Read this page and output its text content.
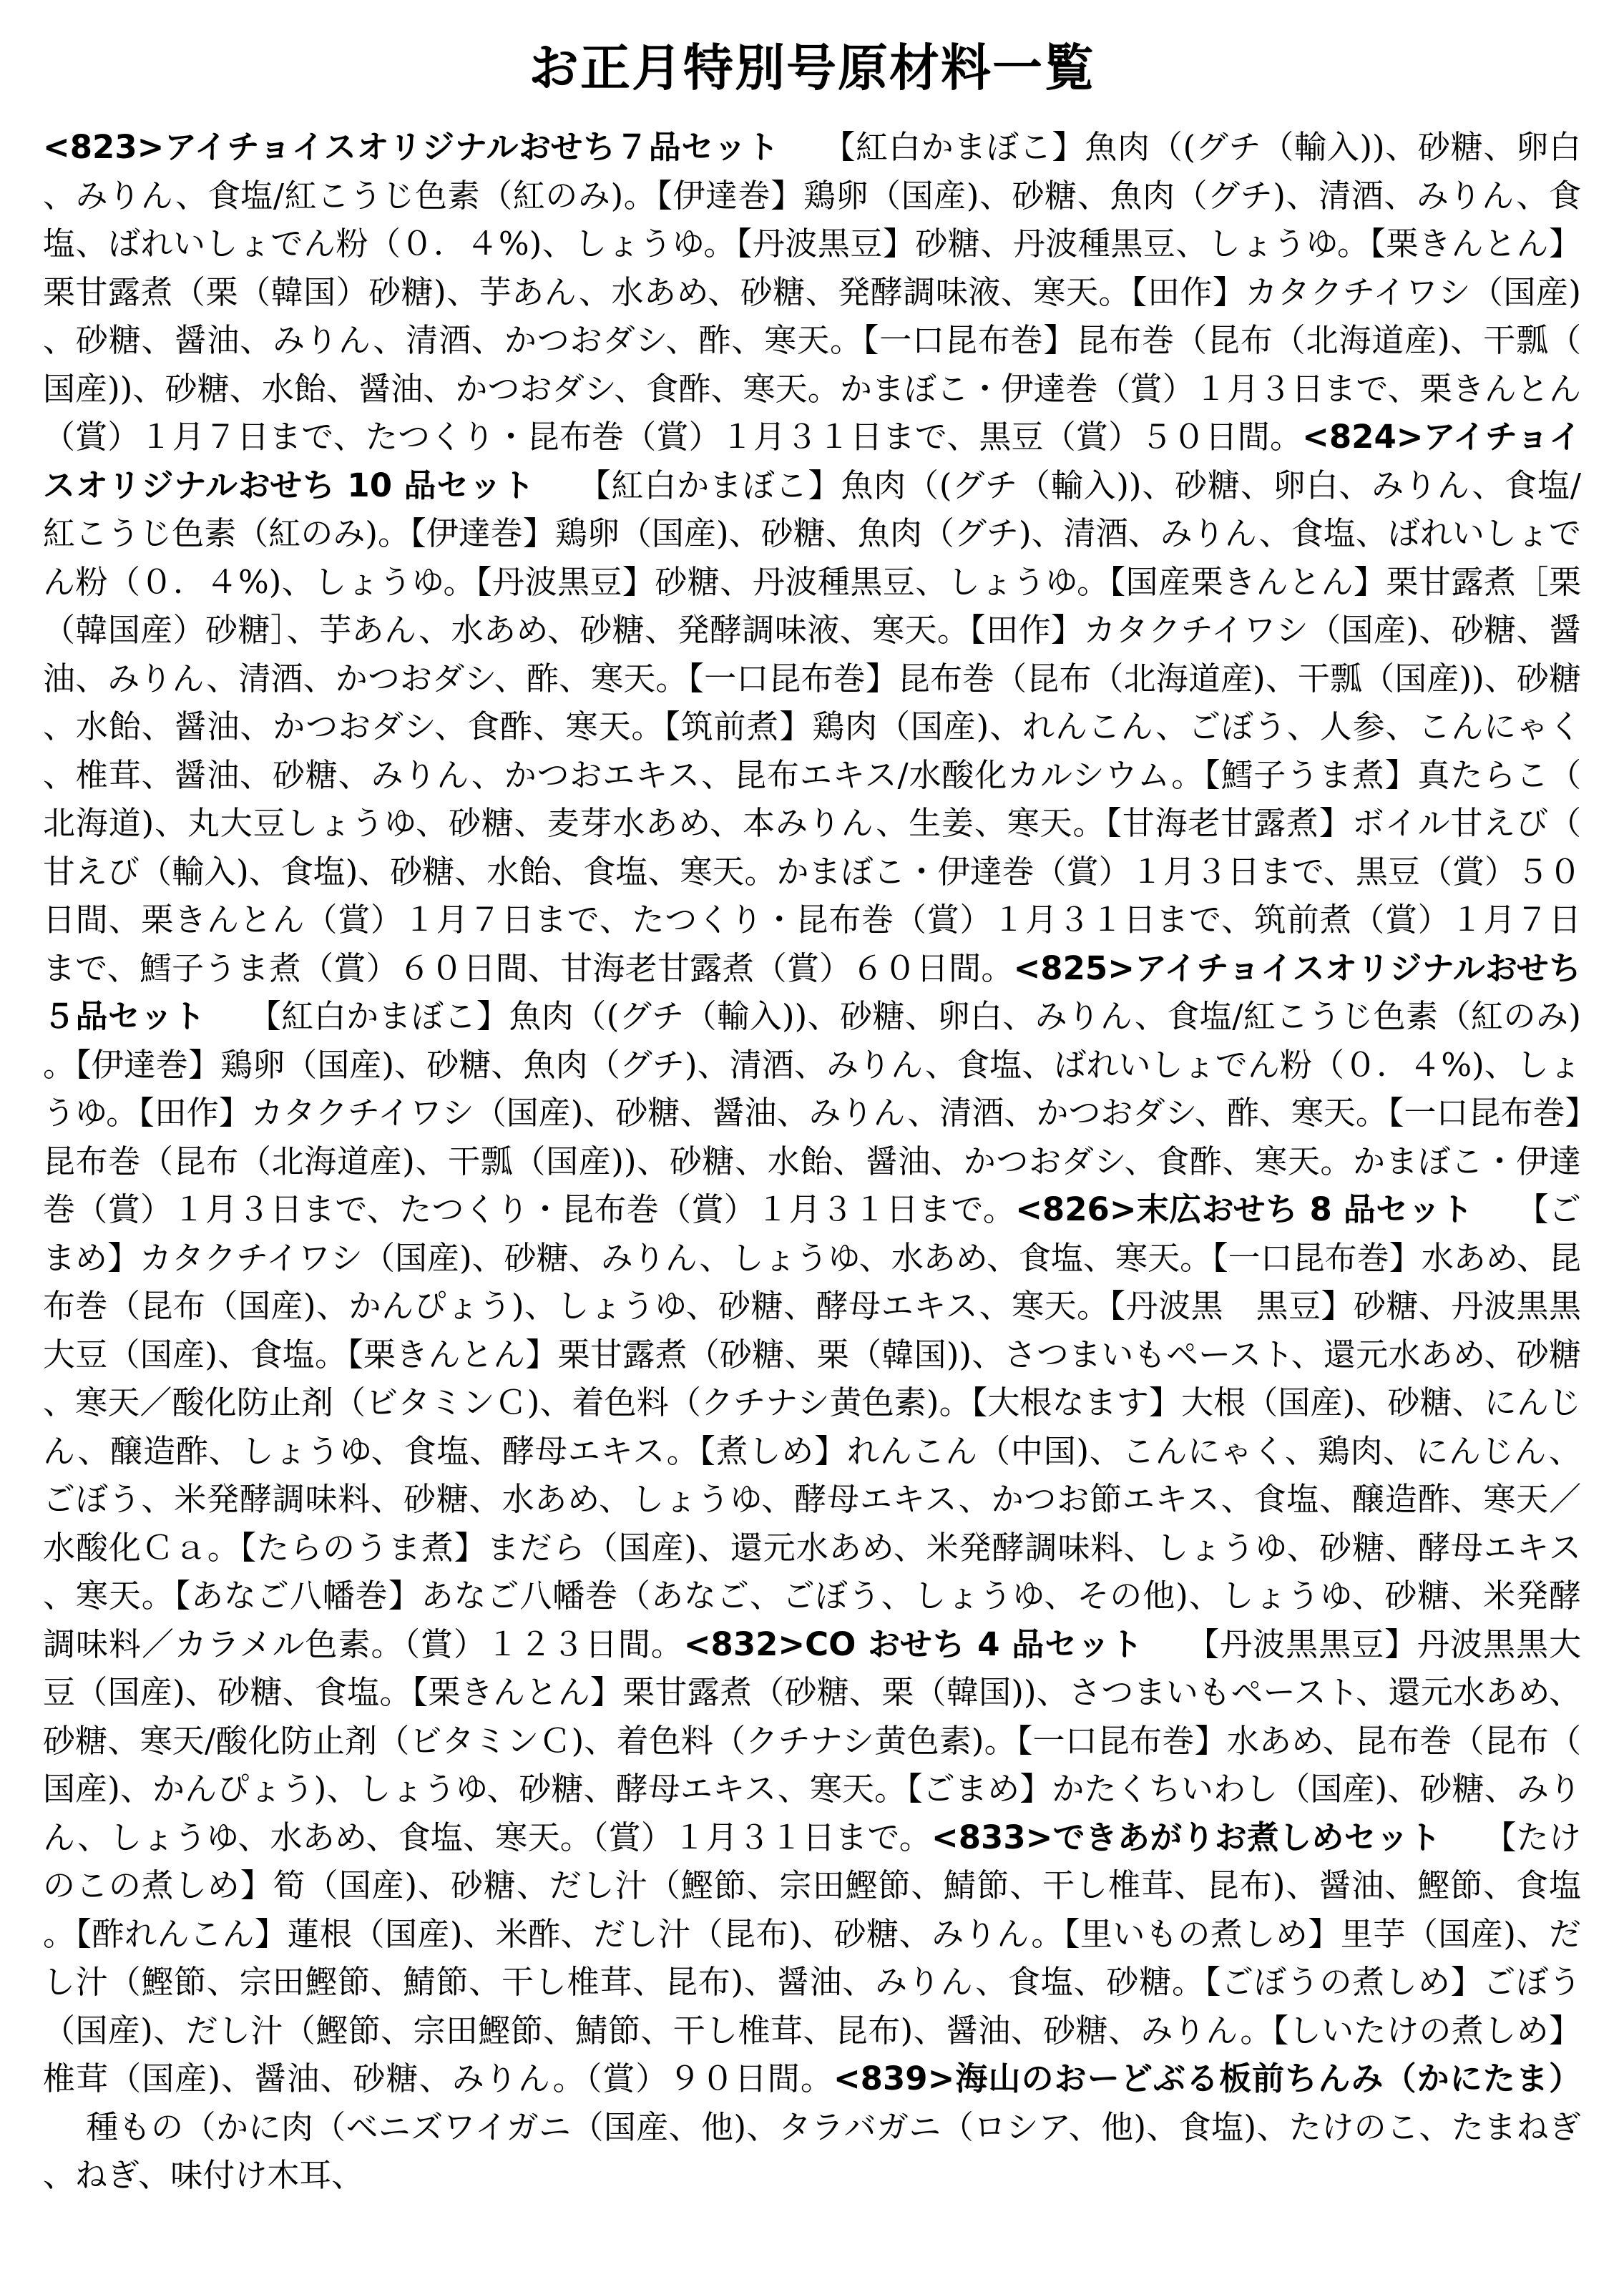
お正月特別号原材料一覧

<823>アイチョイスオリジナルおせち７品セット 【紅白かまぼこ】魚肉（(グチ（輸入))、砂糖、卵白、みりん、食塩/紅こうじ色素（紅のみ)。【伊達巻】鶏卵（国産)、砂糖、魚肉（グチ)、清酒、みりん、食塩、ばれいしょでん粉（０．４%)、しょうゆ。【丹波黒豆】砂糖、丹波種黒豆、しょうゆ。【栗きんとん】栗甘露煮（栗（韓国）砂糖)、芋あん、水あめ、砂糖、発酵調味液、寒天。【田作】カタクチイワシ（国産)、砂糖、醤油、みりん、清酒、かつおダシ、酢、寒天。【一口昆布巻】昆布巻（昆布（北海道産)、干瓢（国産))、砂糖、水飴、醤油、かつおダシ、食酢、寒天。かまぼこ・伊達巻（賞）１月３日まで、栗きんとん（賞）１月７日まで、たつくり・昆布巻（賞）１月３１日まで、黒豆（賞）５０日間。<824>アイチョイスオリジナルおせち 10 品セット 【紅白かまぼこ】魚肉（(グチ（輸入))、砂糖、卵白、みりん、食塩/紅こうじ色素（紅のみ)。【伊達巻】鶏卵（国産)、砂糖、魚肉（グチ)、清酒、みりん、食塩、ばれいしょでん粉（０．４%)、しょうゆ。【丹波黒豆】砂糖、丹波種黒豆、しょうゆ。【国産栗きんとん】栗甘露煮［栗（韓国産）砂糖］、芋あん、水あめ、砂糖、発酵調味液、寒天。【田作】カタクチイワシ（国産)、砂糖、醤油、みりん、清酒、かつおダシ、酢、寒天。【一口昆布巻】昆布巻（昆布（北海道産)、干瓢（国産))、砂糖、水飴、醤油、かつおダシ、食酢、寒天。【筑前煮】鶏肉（国産)、れんこん、ごぼう、人参、こんにゃく、椎茸、醤油、砂糖、みりん、かつおエキス、昆布エキス/水酸化カルシウム。【鱈子うま煮】真たらこ（北海道)、丸大豆しょうゆ、砂糖、麦芽水あめ、本みりん、生姜、寒天。【甘海老甘露煮】ボイル甘えび（甘えび（輸入)、食塩)、砂糖、水飴、食塩、寒天。かまぼこ・伊達巻（賞）１月３日まで、黒豆（賞）５０日間、栗きんとん（賞）１月７日まで、たつくり・昆布巻（賞）１月３１日まで、筑前煮（賞）１月７日まで、鱈子うま煮（賞）６０日間、甘海老甘露煮（賞）６０日間。<825>アイチョイスオリジナルおせち５品セット 【紅白かまぼこ】魚肉（(グチ（輸入))、砂糖、卵白、みりん、食塩/紅こうじ色素（紅のみ)。【伊達巻】鶏卵（国産)、砂糖、魚肉（グチ)、清酒、みりん、食塩、ばれいしょでん粉（０．４%)、しょうゆ。【田作】カタクチイワシ（国産)、砂糖、醤油、みりん、清酒、かつおダシ、酢、寒天。【一口昆布巻】昆布巻（昆布（北海道産)、干瓢（国産))、砂糖、水飴、醤油、かつおダシ、食酢、寒天。かまぼこ・伊達巻（賞）１月３日まで、たつくり・昆布巻（賞）１月３１日まで。<826>末広おせち 8 品セット 【ごまめ】カタクチイワシ（国産)、砂糖、みりん、しょうゆ、水あめ、食塩、寒天。【一口昆布巻】水あめ、昆布巻（昆布（国産)、かんぴょう)、しょうゆ、砂糖、酵母エキス、寒天。【丹波黒　黒豆】砂糖、丹波黒黒大豆（国産)、食塩。【栗きんとん】栗甘露煮（砂糖、栗（韓国))、さつまいもペースト、還元水あめ、砂糖、寒天／酸化防止剤（ビタミンＣ)、着色料（クチナシ黄色素)。【大根なます】大根（国産)、砂糖、にんじん、醸造酢、しょうゆ、食塩、酵母エキス。【煮しめ】れんこん（中国)、こんにゃく、鶏肉、にんじん、ごぼう、米発酵調味料、砂糖、水あめ、しょうゆ、酵母エキス、かつお節エキス、食塩、醸造酢、寒天／水酸化Ｃａ。【たらのうま煮】まだら（国産)、還元水あめ、米発酵調味料、しょうゆ、砂糖、酵母エキス、寒天。【あなご八幡巻】あなご八幡巻（あなご、ごぼう、しょうゆ、その他)、しょうゆ、砂糖、米発酵調味料／カラメル色素。（賞）１２３日間。<832>CO おせち 4 品セット 【丹波黒黒豆】丹波黒黒大豆（国産)、砂糖、食塩。【栗きんとん】栗甘露煮（砂糖、栗（韓国))、さつまいもペースト、還元水あめ、砂糖、寒天/酸化防止剤（ビタミンＣ)、着色料（クチナシ黄色素)。【一口昆布巻】水あめ、昆布巻（昆布（国産)、かんぴょう)、しょうゆ、砂糖、酵母エキス、寒天。【ごまめ】かたくちいわし（国産)、砂糖、みりん、しょうゆ、水あめ、食塩、寒天。（賞）１月３１日まで。<833>できあがりお煮しめセット 【たけのこの煮しめ】筍（国産)、砂糖、だし汁（鰹節、宗田鰹節、鯖節、干し椎茸、昆布)、醤油、鰹節、食塩。【酢れんこん】蓮根（国産)、米酢、だし汁（昆布)、砂糖、みりん。【里いもの煮しめ】里芋（国産)、だし汁（鰹節、宗田鰹節、鯖節、干し椎茸、昆布)、醤油、みりん、食塩、砂糖。【ごぼうの煮しめ】ごぼう（国産)、だし汁（鰹節、宗田鰹節、鯖節、干し椎茸、昆布)、醤油、砂糖、みりん。【しいたけの煮しめ】椎茸（国産)、醤油、砂糖、みりん。（賞）９０日間。<839>海山のおーどぶる板前ちんみ（かにたま）種もの（かに肉（ベニズワイガニ（国産、他)、タラバガニ（ロシア、他)、食塩)、たけのこ、たまねぎ、ねぎ、味付け木耳、
